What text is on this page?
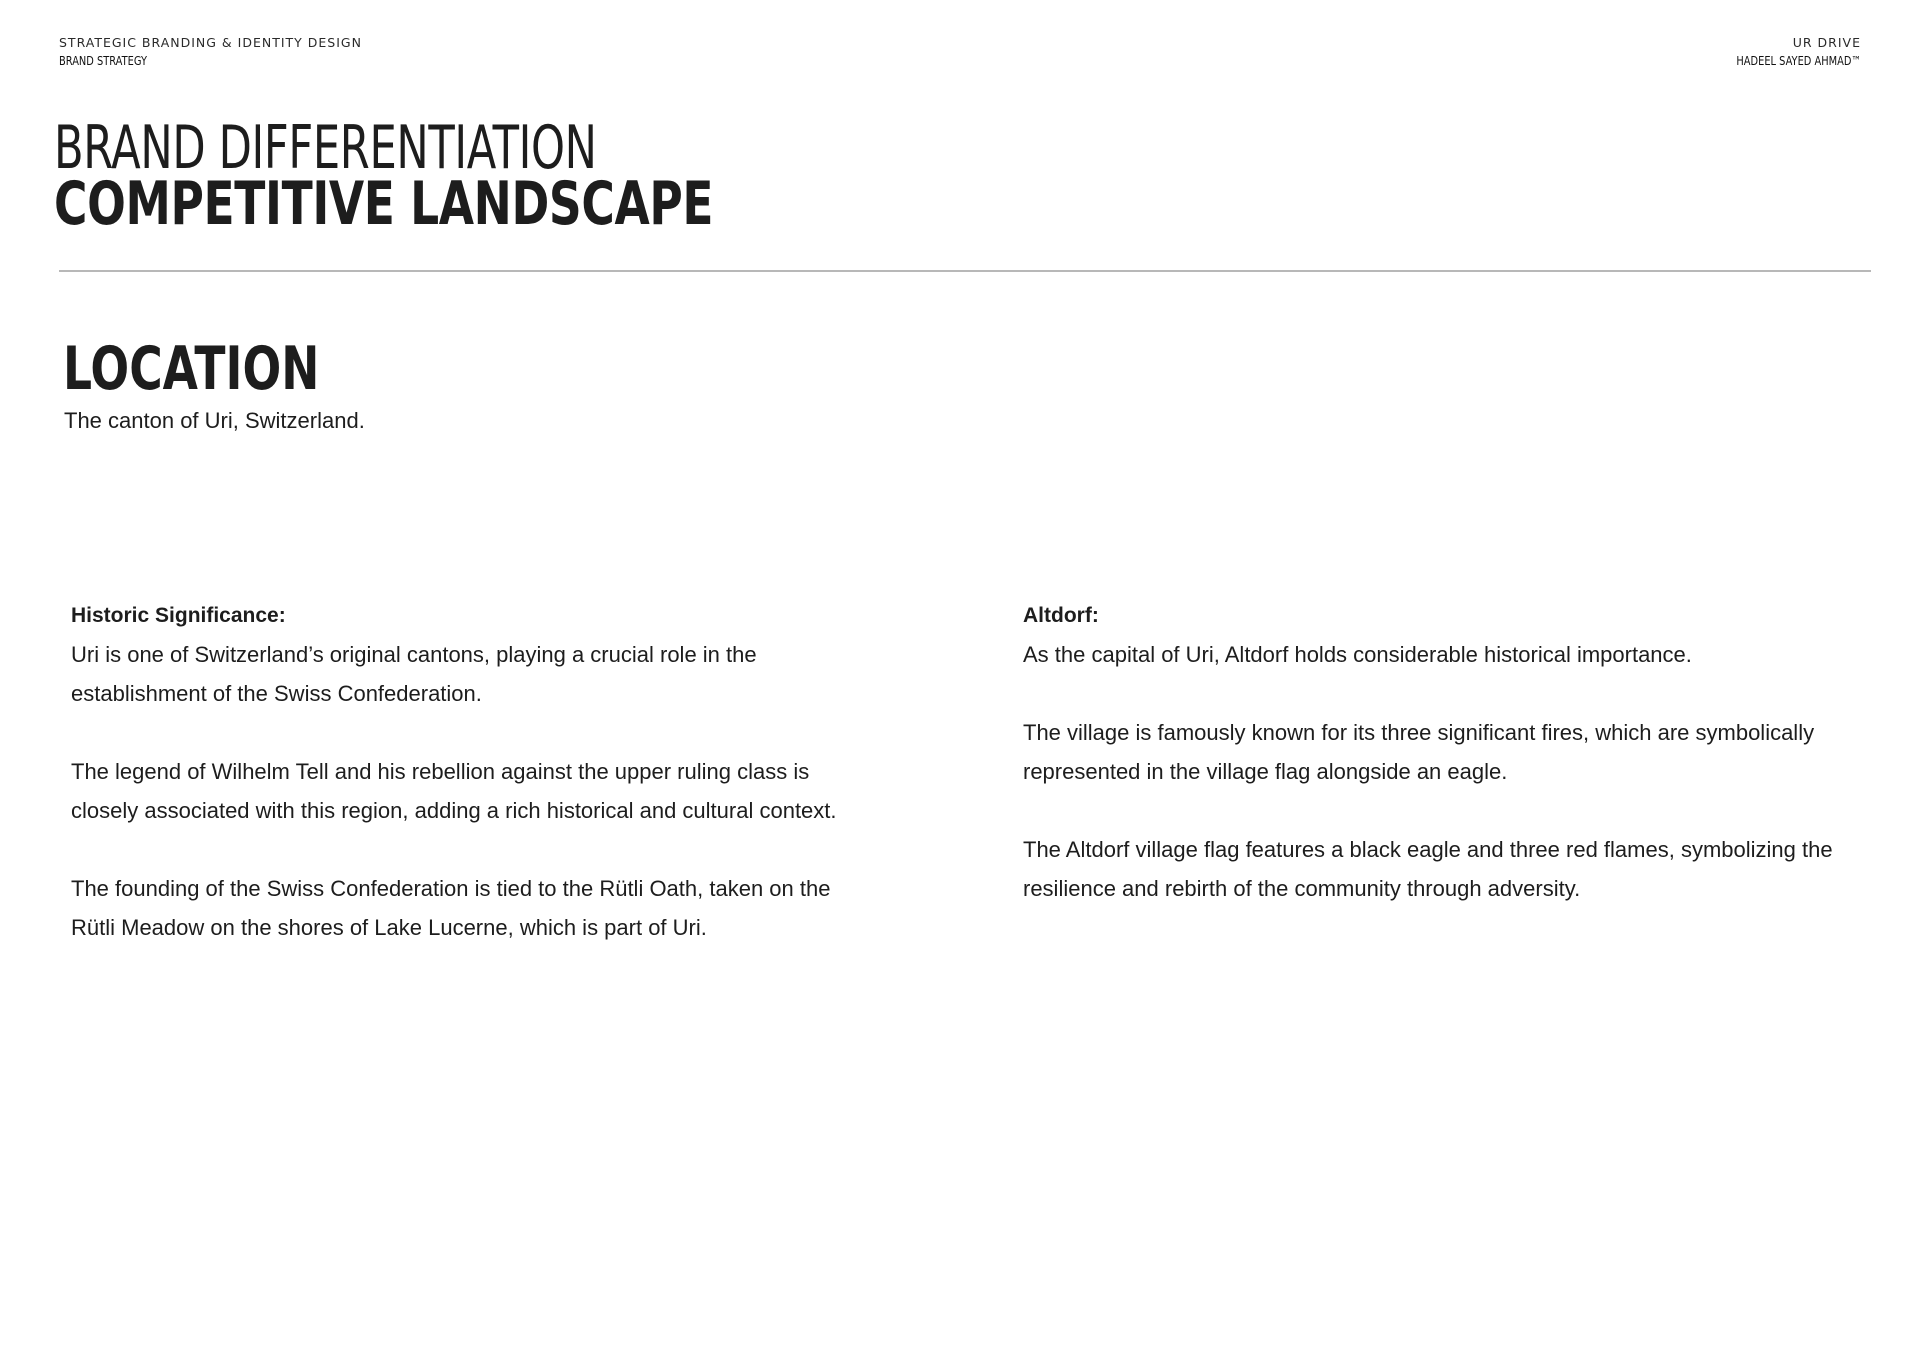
STRATEGIC BRANDING & IDENTITY DESIGN
BRAND STRATEGY
UR DRIVE
HADEEL SAYED AHMAD™
BRAND DIFFERENTIATION
COMPETITIVE LANDSCAPE
LOCATION
The canton of Uri, Switzerland.

Historic Significance:

Uri is one of Switzerland’s original cantons, playing a crucial role in the establishment of the Swiss Confederation.

The legend of Wilhelm Tell and his rebellion against the upper ruling class is closely associated with this region, adding a rich historical and cultural context.

The founding of the Swiss Confederation is tied to the Rütli Oath, taken on the Rütli Meadow on the shores of Lake Lucerne, which is part of Uri.

Altdorf:

As the capital of Uri, Altdorf holds considerable historical importance.

The village is famously known for its three significant fires, which are symbolically represented in the village flag alongside an eagle.

The Altdorf village flag features a black eagle and three red flames, symbolizing the resilience and rebirth of the community through adversity.
